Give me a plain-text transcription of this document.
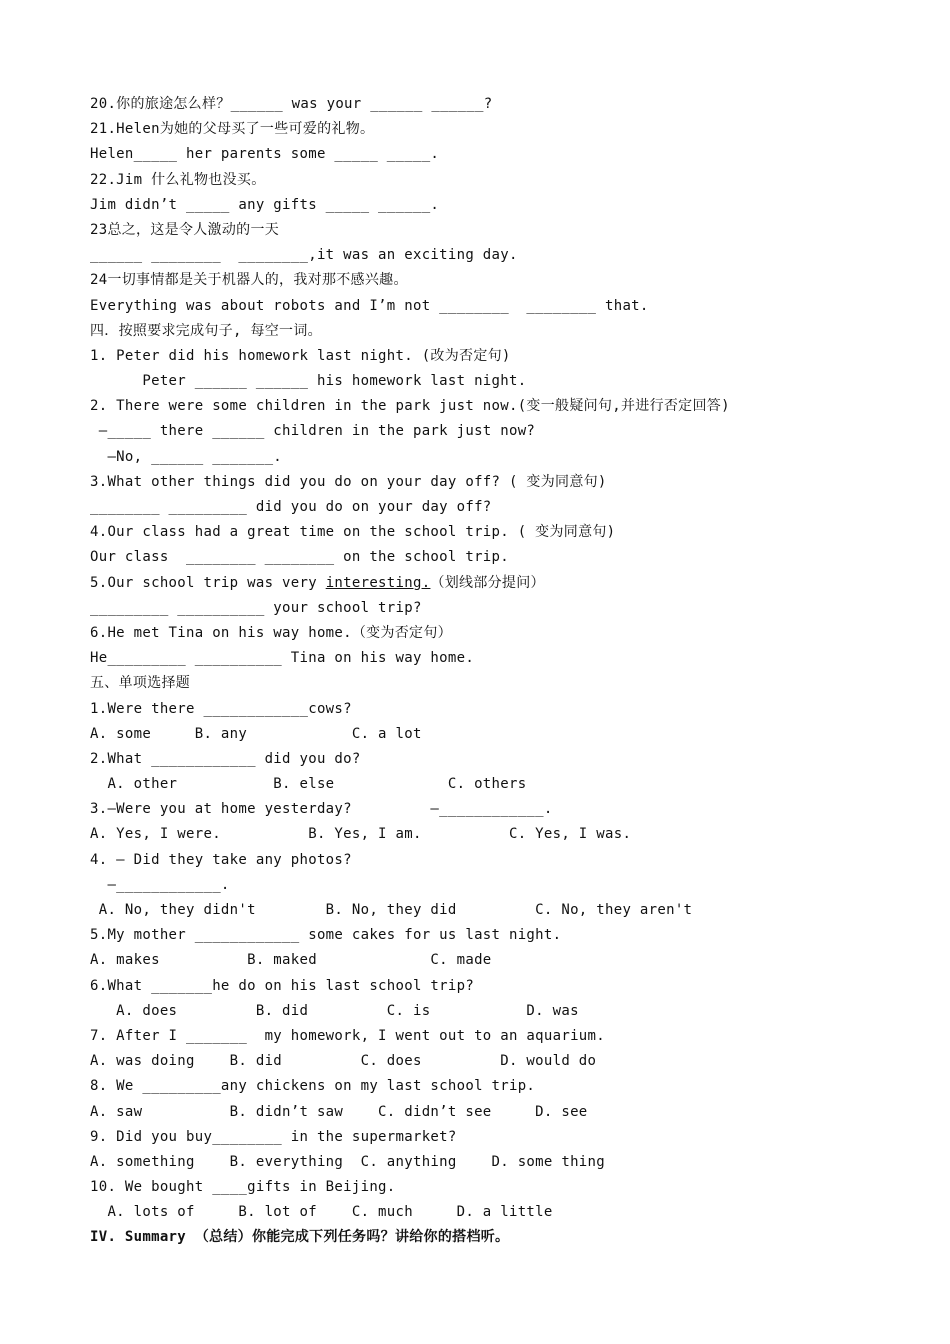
20.你的旅途怎么样？______ was your ______ ______?
21.Helen为她的父母买了一些可爱的礼物。
Helen_____ her parents some _____ _____.
22.Jim 什么礼物也没买。
Jim didn’t _____ any gifts _____ ______.
23总之，这是令人激动的一天
______ ________  ________,it was an exciting day.
24一切事情都是关于机器人的，我对那不感兴趣。
Everything was about robots and I’m not ________  ________ that.
四．按照要求完成句子, 每空一词。
1. Peter did his homework last night. (改为否定句)
Peter ______ ______ his homework last night.
2. There were some children in the park just now.(变一般疑问句,并进行否定回答)
—_____ there ______ children in the park just now?
—No, ______ _______.
3.What other things did you do on your day off? ( 变为同意句)
________ _________ did you do on your day off?
4.Our class had a great time on the school trip. ( 变为同意句)
Our class  ________ ________ on the school trip.
5.Our school trip was very interesting.（划线部分提问）
_________ __________ your school trip?
6.He met Tina on his way home.（变为否定句）
He_________ __________ Tina on his way home.
五、单项选择题
1.Were there ____________cows?
A. some     B. any            C. a lot
2.What ____________ did you do?
A. other           B. else             C. others
3.—Were you at home yesterday?         —____________.
A. Yes, I were.          B. Yes, I am.          C. Yes, I was.
4. — Did they take any photos?
—____________.
A. No, they didn't        B. No, they did         C. No, they aren't
5.My mother ____________ some cakes for us last night.
A. makes          B. maked             C. made
6.What _______he do on his last school trip?
A. does         B. did         C. is           D. was
7. After I _______  my homework, I went out to an aquarium.
A. was doing    B. did         C. does         D. would do
8. We _________any chickens on my last school trip.
A. saw          B. didn’t saw    C. didn’t see     D. see
9. Did you buy________ in the supermarket?
A. something    B. everything  C. anything    D. some thing
10. We bought ____gifts in Beijing.
A. lots of     B. lot of    C. much     D. a little
IV. Summary （总结）你能完成下列任务吗？讲给你的搭档听。
